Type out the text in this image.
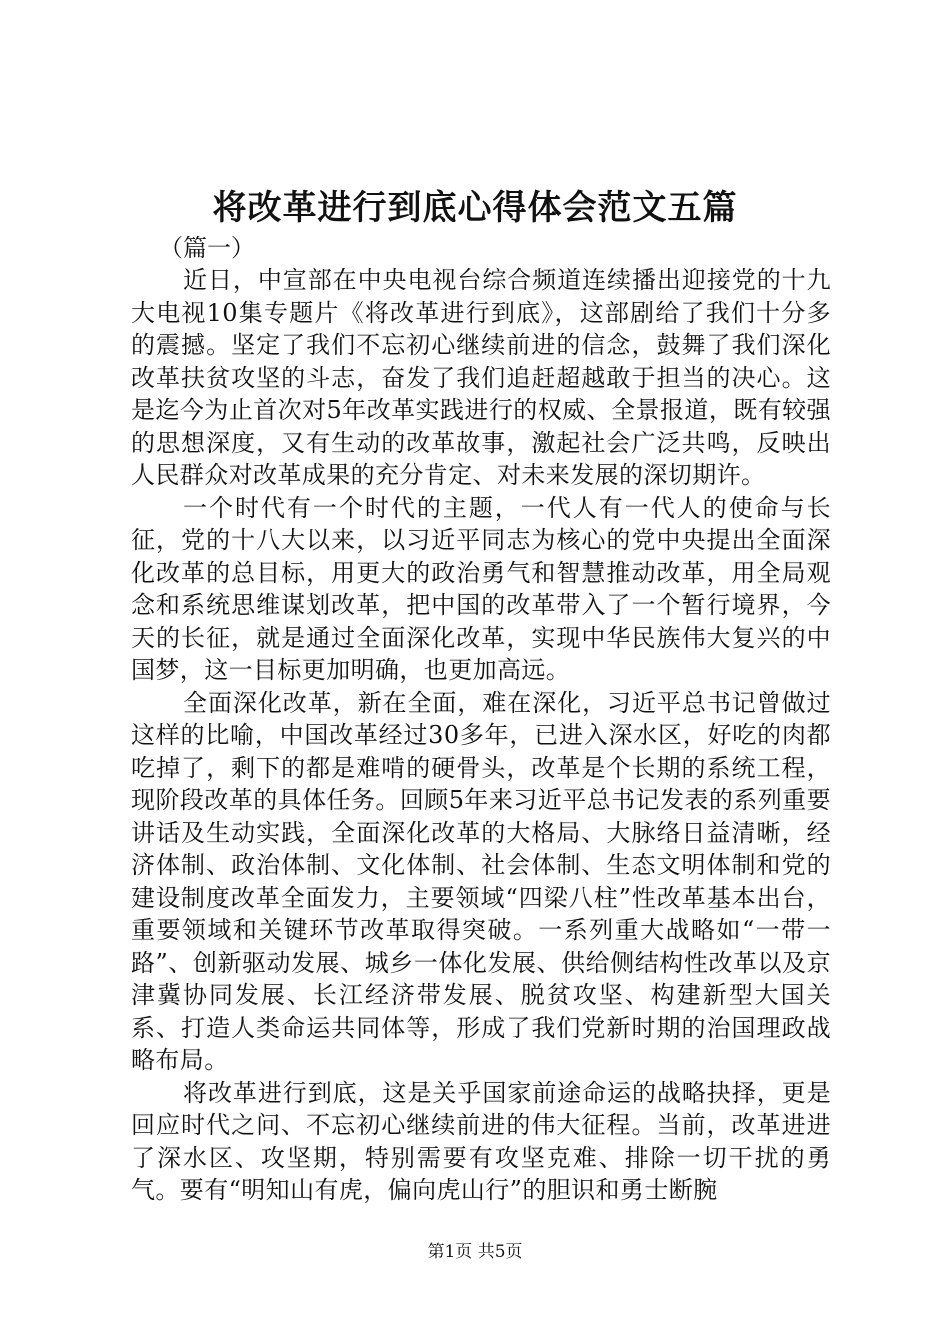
将改革进行到底心得体会范文五篇

（篇一）

近日，中宣部在中央电视台综合频道连续播出迎接党的十九大电视10集专题片《将改革进行到底》，这部剧给了我们十分多的震撼。坚定了我们不忘初心继续前进的信念，鼓舞了我们深化改革扶贫攻坚的斗志，奋发了我们追赶超越敢于担当的决心。这是迄今为止首次对5年改革实践进行的权威、全景报道，既有较强的思想深度，又有生动的改革故事，激起社会广泛共鸣，反映出人民群众对改革成果的充分肯定、对未来发展的深切期许。

一个时代有一个时代的主题，一代人有一代人的使命与长征，党的十八大以来，以习近平同志为核心的党中央提出全面深化改革的总目标，用更大的政治勇气和智慧推动改革，用全局观念和系统思维谋划改革，把中国的改革带入了一个暂行境界，今天的长征，就是通过全面深化改革，实现中华民族伟大复兴的中国梦，这一目标更加明确，也更加高远。

全面深化改革，新在全面，难在深化，习近平总书记曾做过这样的比喻，中国改革经过30多年，已进入深水区，好吃的肉都吃掉了，剩下的都是难啃的硬骨头，改革是个长期的系统工程，现阶段改革的具体任务。回顾5年来习近平总书记发表的系列重要讲话及生动实践，全面深化改革的大格局、大脉络日益清晰，经济体制、政治体制、文化体制、社会体制、生态文明体制和党的建设制度改革全面发力，主要领域“四梁八柱”性改革基本出台，重要领域和关键环节改革取得突破。一系列重大战略如“一带一路”、创新驱动发展、城乡一体化发展、供给侧结构性改革以及京津冀协同发展、长江经济带发展、脱贫攻坚、构建新型大国关系、打造人类命运共同体等，形成了我们党新时期的治国理政战略布局。

将改革进行到底，这是关乎国家前途命运的战略抉择，更是回应时代之问、不忘初心继续前进的伟大征程。当前，改革进进了深水区、攻坚期，特别需要有攻坚克难、排除一切干扰的勇气。要有“明知山有虎，偏向虎山行”的胆识和勇士断腕

第1页 共5页
